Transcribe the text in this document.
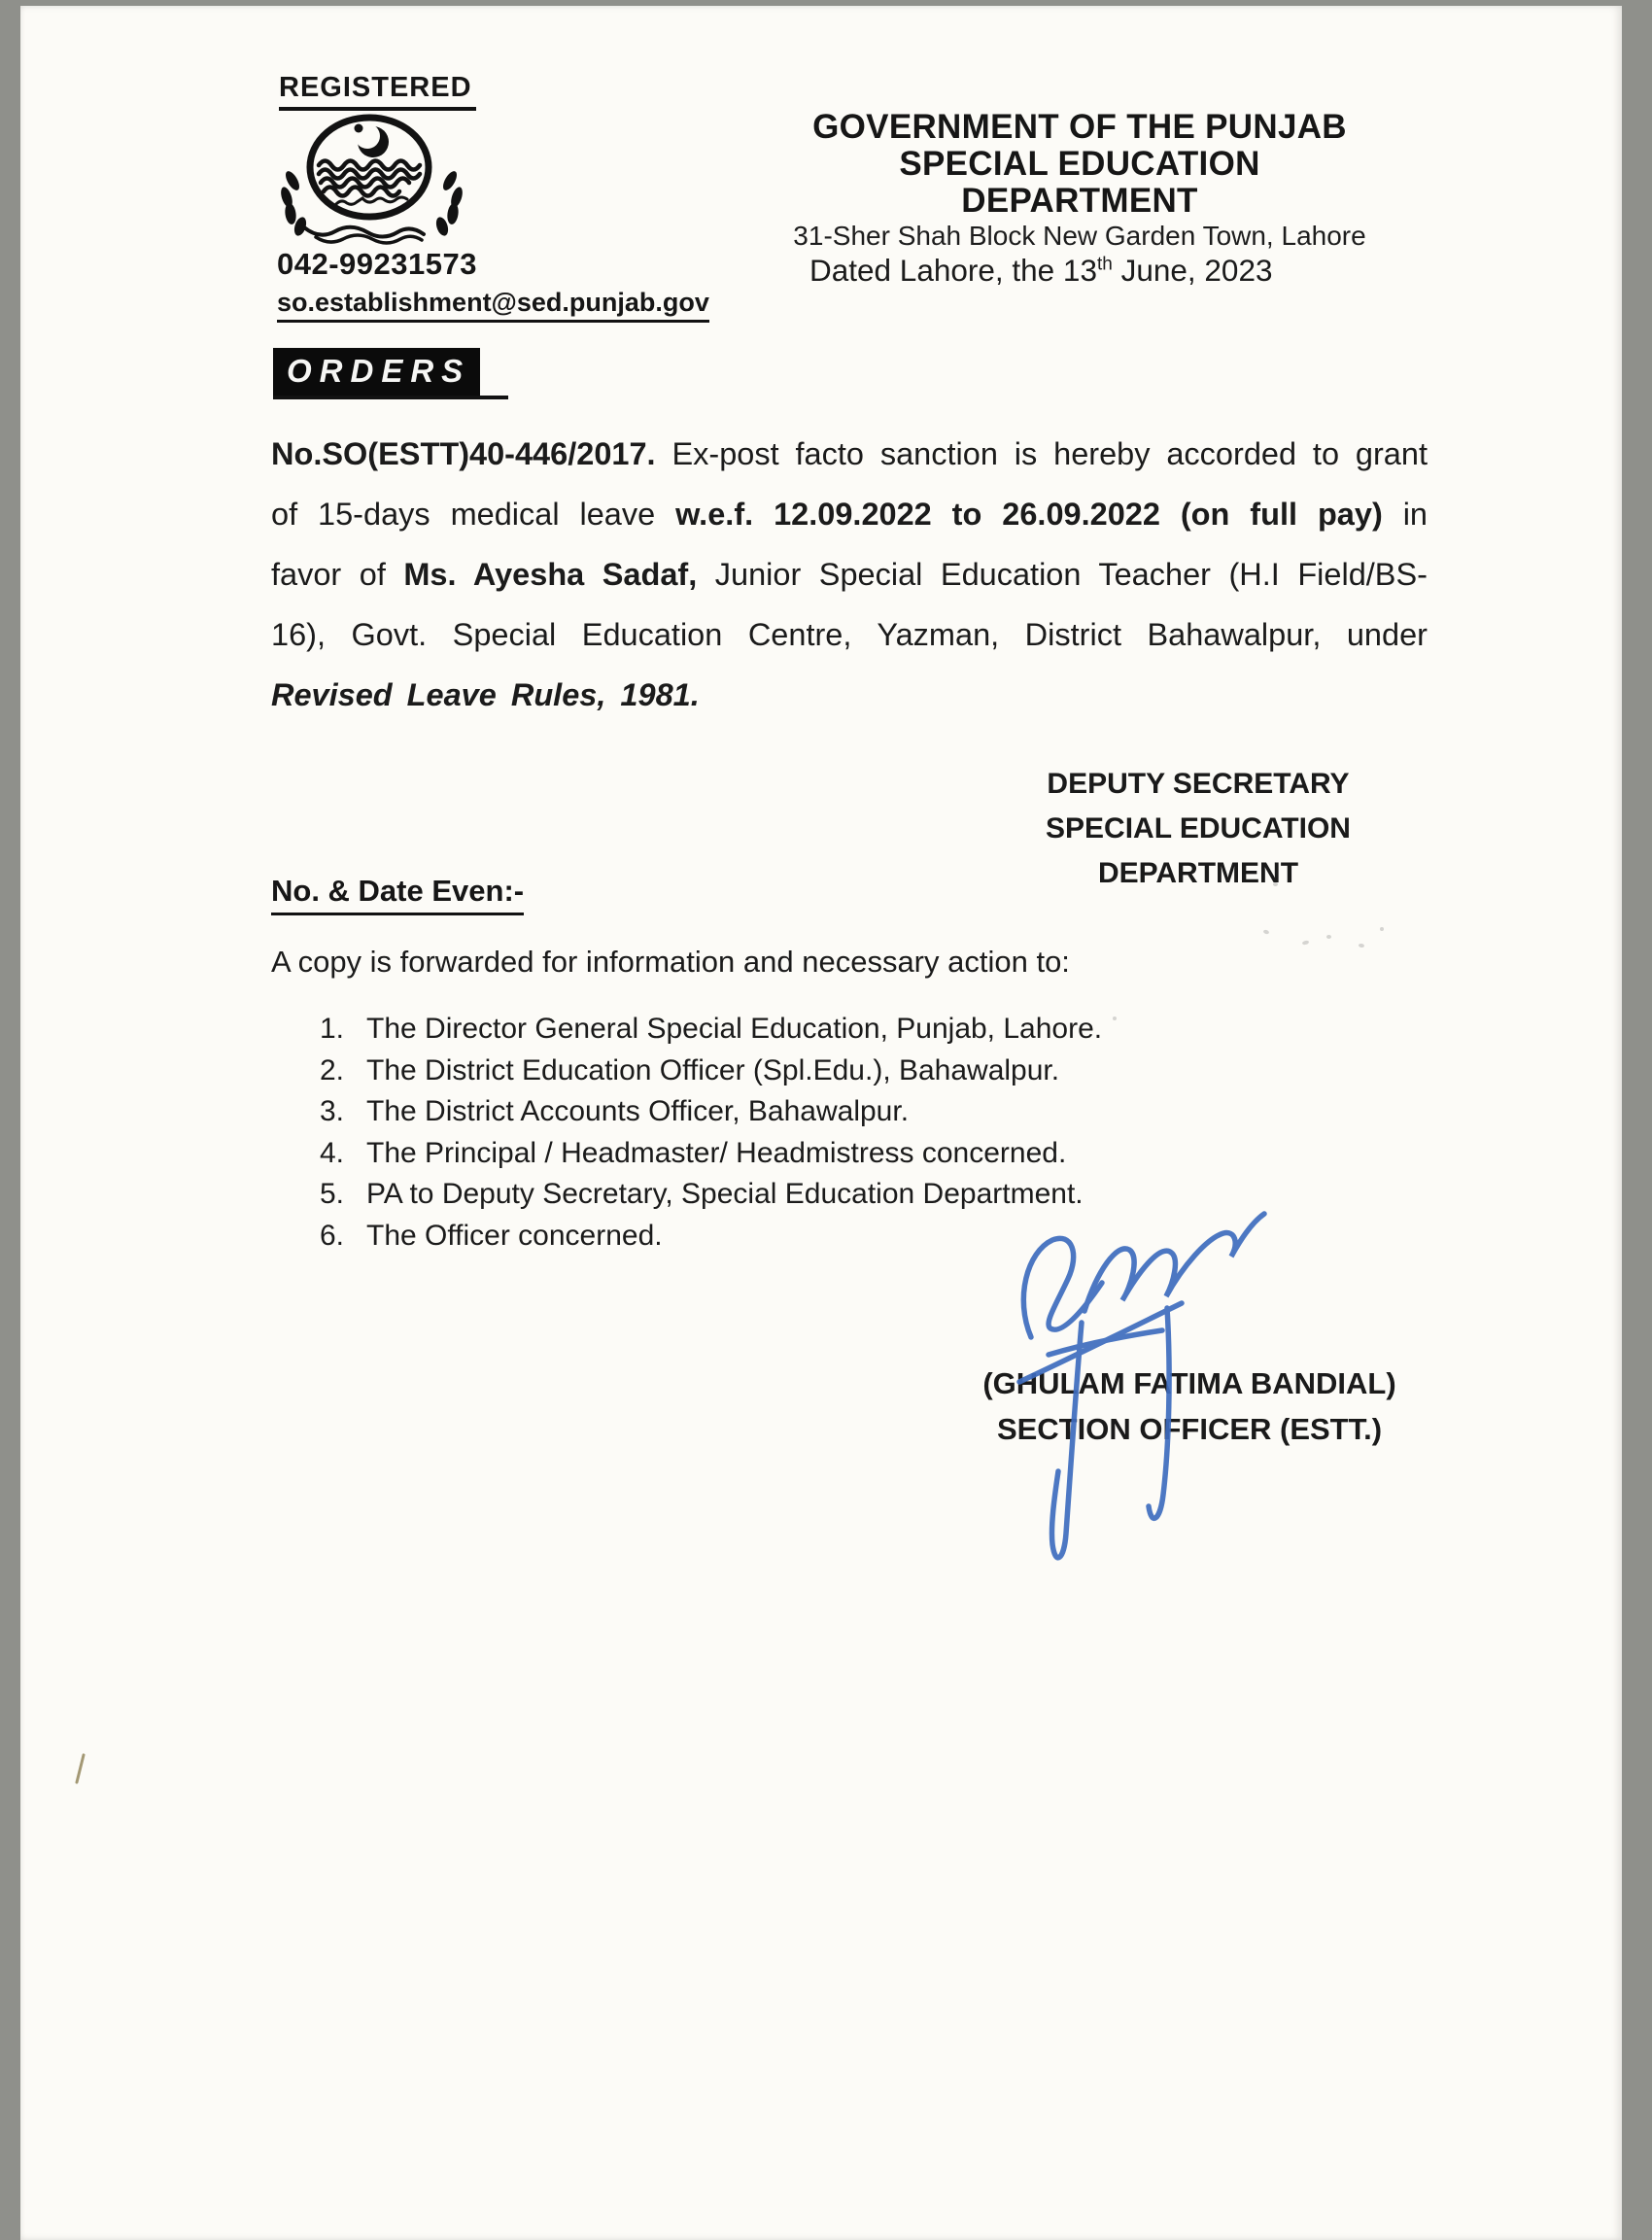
REGISTERED
042-99231573
so.establishment@sed.punjab.gov
GOVERNMENT OF THE PUNJAB
SPECIAL EDUCATION DEPARTMENT
31-Sher Shah Block New Garden Town, Lahore
Dated Lahore, the 13th June, 2023
ORDERS
No.SO(ESTT)40-446/2017. Ex-post facto sanction is hereby accorded to grant of 15-days medical leave w.e.f. 12.09.2022 to 26.09.2022 (on full pay) in favor of Ms. Ayesha Sadaf, Junior Special Education Teacher (H.I Field/BS-16), Govt. Special Education Centre, Yazman, District Bahawalpur, under Revised Leave Rules, 1981.
DEPUTY SECRETARY
SPECIAL EDUCATION
DEPARTMENT
No. & Date Even:-
A copy is forwarded for information and necessary action to:
1. The Director General Special Education, Punjab, Lahore.
2. The District Education Officer (Spl.Edu.), Bahawalpur.
3. The District Accounts Officer, Bahawalpur.
4. The Principal / Headmaster/ Headmistress concerned.
5. PA to Deputy Secretary, Special Education Department.
6. The Officer concerned.
(GHULAM FATIMA BANDIAL)
SECTION OFFICER (ESTT.)
